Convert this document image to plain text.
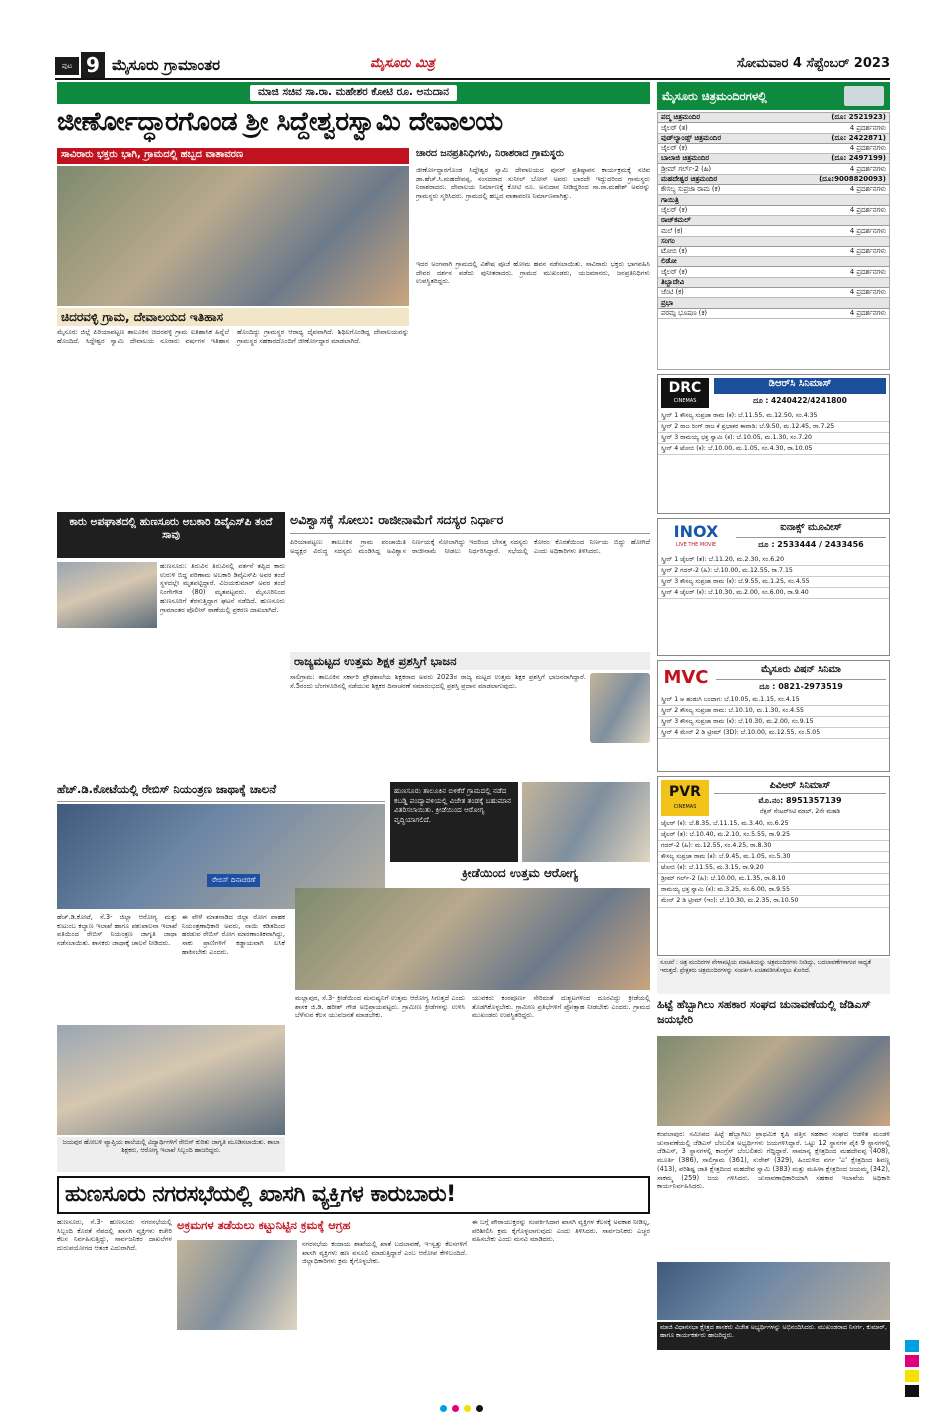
ಪುಟ 9 ಮೈಸೂರು ಗ್ರಾಮಾಂತರ	ಮೈಸೂರು ಮಿತ್ರ	ಸೋಮವಾರ 4 ಸೆಪ್ಟೆಂಬರ್ 2023
ಮಾಜಿ ಸಚಿವ ಸಾ.ರಾ. ಮಹೇಶರ ಕೋಟಿ ರೂ. ಅನುದಾನ
ಜೀರ್ಣೋದ್ಧಾರಗೊಂಡ ಶ್ರೀ ಸಿದ್ದೇಶ್ವರಸ್ವಾಮಿ ದೇವಾಲಯ
ಸಾವಿರಾರು ಭಕ್ತರು ಭಾಗಿ, ಗ್ರಾಮದಲ್ಲಿ ಹಬ್ಬದ ವಾತಾವರಣ	ಚಾರದ ಜನಪ್ರತಿನಿಧಿಗಳು, ನಿರಾಶರಾದ ಗ್ರಾಮಸ್ಥರು
ಜೀರ್ಣೋದ್ಧಾರಗೊಂಡ ಸಿದ್ದೇಶ್ವರ ಸ್ವಾಮಿ ದೇವಾಲಯದ ಪುನರ್ ಪ್ರತಿಷ್ಠಾಪನ ಕಾರ್ಯಕ್ರಮಕ್ಕೆ ಸಚಿವ ಡಾ.ಹೆಚ್.ಸಿ.ಮಹದೇವಪ್ಪ, ಸಂಸದರಾದ ಸುನೀಲ್ ಬೋಸ್ ಅವರು ಬಾರದೇ ಇದ್ದುದರಿಂದ ಗ್ರಾಮಸ್ಥರು ನಿರಾಶರಾದರು. ದೇವಾಲಯ ನಿರ್ಮಾಣಕ್ಕೆ ಕೋಟಿ ರೂ. ಅನುದಾನ ನೀಡಿದ್ದರಿಂದ ಸಾ.ರಾ.ಮಹೇಶ್ ಅವರನ್ನು ಗ್ರಾಮಸ್ಥರು ಸ್ಮರಿಸಿದರು. ಗ್ರಾಮದಲ್ಲಿ ಹಬ್ಬದ ವಾತಾವರಣ ನಿರ್ಮಾಣವಾಗಿತ್ತು.
ಇದರ ಅಂಗವಾಗಿ ಗ್ರಾಮದಲ್ಲಿ ವಿಶೇಷ ಪೂಜೆ ಹೋಮ ಹವನ ನಡೆಸಲಾಯಿತು. ಸಾವಿರಾರು ಭಕ್ತರು ಭಾಗವಹಿಸಿ ದೇವರ ದರ್ಶನ ಪಡೆದು ಪುನೀತರಾದರು. ಗ್ರಾಮದ ಮುಖಂಡರು, ಯಜಮಾನರು, ಜನಪ್ರತಿನಿಧಿಗಳು ಉಪಸ್ಥಿತರಿದ್ದರು.
ಚಿದರವಳ್ಳಿ ಗ್ರಾಮ, ದೇವಾಲಯದ ಇತಿಹಾಸ
ಮೈಸೂರು ಜಿಲ್ಲೆ ಪಿರಿಯಾಪಟ್ಟಣ ತಾಲೂಕಿನ ಚಿದರವಳ್ಳಿ ಗ್ರಾಮ ಐತಿಹಾಸಿಕ ಹಿನ್ನೆಲೆ ಹೊಂದಿದೆ. ಸಿದ್ದೇಶ್ವರ ಸ್ವಾಮಿ ದೇವಾಲಯ ನೂರಾರು ವರ್ಷಗಳ ಇತಿಹಾಸ ಹೊಂದಿದ್ದು ಗ್ರಾಮಸ್ಥರ ಆರಾಧ್ಯ ದೈವವಾಗಿದೆ. ಶಿಥಿಲಗೊಂಡಿದ್ದ ದೇವಾಲಯವನ್ನು ಗ್ರಾಮಸ್ಥರ ಸಹಕಾರದೊಂದಿಗೆ ಜೀರ್ಣೋದ್ಧಾರ ಮಾಡಲಾಗಿದೆ.
ಕಾರು ಅಪಘಾತದಲ್ಲಿ ಹುಣಸೂರು ಅಬಕಾರಿ ಡಿವೈಎಸ್‌ಪಿ ತಂದೆ ಸಾವು
ಹುಣಸೂರು: ತಿರುವಿನ ತಿರುವಿನಲ್ಲಿ ವರ್ತನೆ ತಪ್ಪಿದ ಕಾರು ಉರುಳಿ ಬಿದ್ದ ಪರಿಣಾಮ ಅಬಕಾರಿ ಡಿವೈಎಸ್‌ಪಿ ಅವರ ತಂದೆ ಸ್ಥಳದಲ್ಲೇ ಮೃತಪಟ್ಟಿದ್ದಾರೆ. ವಿಜಯಕುಮಾರ್ ಅವರ ತಂದೆ ನಿಂಗೇಗೌಡ (80) ಮೃತಪಟ್ಟವರು. ಮೈಸೂರಿನಿಂದ ಹುಣಸೂರಿಗೆ ತೆರಳುತ್ತಿದ್ದಾಗ ಘಟನೆ ನಡೆದಿದೆ. ಹುಣಸೂರು ಗ್ರಾಮಾಂತರ ಪೊಲೀಸ್ ಠಾಣೆಯಲ್ಲಿ ಪ್ರಕರಣ ದಾಖಲಾಗಿದೆ.
ಅವಿಶ್ವಾಸಕ್ಕೆ ಸೋಲು: ರಾಜೀನಾಮೆಗೆ ಸದಸ್ಯರ ನಿರ್ಧಾರ
ಪಿರಿಯಾಪಟ್ಟಣ: ತಾಲೂಕಿನ ಗ್ರಾಮ ಪಂಚಾಯಿತಿ ಅಧ್ಯಕ್ಷರ ವಿರುದ್ಧ ಸದಸ್ಯರು ಮಂಡಿಸಿದ್ದ ಅವಿಶ್ವಾಸ ನಿರ್ಣಯಕ್ಕೆ ಸೋಲಾಗಿದ್ದು ಇದರಿಂದ ಬೇಸತ್ತ ಸದಸ್ಯರು ರಾಜೀನಾಮೆ ನೀಡಲು ನಿರ್ಧರಿಸಿದ್ದಾರೆ. ಸಭೆಯಲ್ಲಿ ಕೋರಂ ಕೊರತೆಯಿಂದ ನಿರ್ಣಯ ಬಿದ್ದು ಹೋಗಿದೆ ಎಂದು ಅಧಿಕಾರಿಗಳು ತಿಳಿಸಿದರು.
ರಾಜ್ಯಮಟ್ಟದ ಉತ್ತಮ ಶಿಕ್ಷಕ ಪ್ರಶಸ್ತಿಗೆ ಭಾಜನ
ಸಾಲಿಗ್ರಾಮ: ತಾಲೂಕಿನ ಸರ್ಕಾರಿ ಪ್ರೌಢಶಾಲೆಯ ಶಿಕ್ಷಕರಾದ ಅವರು 2023ರ ರಾಜ್ಯ ಮಟ್ಟದ ಉತ್ತಮ ಶಿಕ್ಷಕ ಪ್ರಶಸ್ತಿಗೆ ಭಾಜನರಾಗಿದ್ದಾರೆ. ಸೆ.5ರಂದು ಬೆಂಗಳೂರಿನಲ್ಲಿ ನಡೆಯುವ ಶಿಕ್ಷಕರ ದಿನಾಚರಣೆ ಸಮಾರಂಭದಲ್ಲಿ ಪ್ರಶಸ್ತಿ ಪ್ರದಾನ ಮಾಡಲಾಗುವುದು.
ಹೆಚ್.ಡಿ.ಕೋಟೆಯಲ್ಲಿ ರೇಬಿಸ್ ನಿಯಂತ್ರಣ ಜಾಥಾಕ್ಕೆ ಚಾಲನೆ
ರೇಬಿಸ್ ದಿನಾಚರಣೆ
ಹೆಚ್.ಡಿ.ಕೋಟೆ, ಸೆ.3- ಜಿಲ್ಲಾ ಆರೋಗ್ಯ ಮತ್ತು ಕುಟುಂಬ ಕಲ್ಯಾಣ ಇಲಾಖೆ ಹಾಗೂ ಪಶುಪಾಲನಾ ಇಲಾಖೆ ವತಿಯಿಂದ ರೇಬಿಸ್ ನಿಯಂತ್ರಣ ಜಾಗೃತಿ ಜಾಥಾ ನಡೆಸಲಾಯಿತು. ಶಾಸಕರು ಜಾಥಾಕ್ಕೆ ಚಾಲನೆ ನೀಡಿದರು.
ಈ ವೇಳೆ ಮಾತನಾಡಿದ ಜಿಲ್ಲಾ ರೋಗ ವಾಹಕ ನಿಯಂತ್ರಣಾಧಿಕಾರಿ ಅವರು, ನಾಯಿ ಕಡಿತದಿಂದ ಹರಡುವ ರೇಬಿಸ್ ರೋಗ ಮಾರಣಾಂತಿಕವಾಗಿದ್ದು, ಸಾಕು ಪ್ರಾಣಿಗಳಿಗೆ ಕಡ್ಡಾಯವಾಗಿ ಲಸಿಕೆ ಹಾಕಿಸಬೇಕು ಎಂದರು.
ಜಯಪುರ ಹೋಬಳಿ ವ್ಯಾಪ್ತಿಯ ಶಾಲೆಯಲ್ಲಿ ವಿದ್ಯಾರ್ಥಿಗಳಿಗೆ ರೇಬಿಸ್ ಕುರಿತು ಜಾಗೃತಿ ಮೂಡಿಸಲಾಯಿತು. ಶಾಲಾ ಶಿಕ್ಷಕರು, ಆರೋಗ್ಯ ಇಲಾಖೆ ಸಿಬ್ಬಂದಿ ಹಾಜರಿದ್ದರು.
ಹುಣಸೂರು ತಾಲೂಕಿನ ಬಿಳಿಕೆರೆ ಗ್ರಾಮದಲ್ಲಿ ನಡೆದ ಕಬಡ್ಡಿ ಪಂದ್ಯಾವಳಿಯಲ್ಲಿ ವಿಜೇತ ತಂಡಕ್ಕೆ ಬಹುಮಾನ ವಿತರಿಸಲಾಯಿತು. ಕ್ರೀಡೆಯಿಂದ ಆರೋಗ್ಯ ವೃದ್ಧಿಯಾಗಲಿದೆ.
ಕ್ರೀಡೆಯಿಂದ ಉತ್ತಮ ಆರೋಗ್ಯ
ಮಲ್ಲಾಪುರ, ಸೆ.3- ಕ್ರೀಡೆಯಿಂದ ಮನುಷ್ಯನಿಗೆ ಉತ್ತಮ ಆರೋಗ್ಯ ಸಿಗುತ್ತದೆ ಎಂದು ಶಾಸಕ ಜಿ.ಡಿ. ಹರೀಶ್ ಗೌಡ ಅಭಿಪ್ರಾಯಪಟ್ಟರು. ಗ್ರಾಮೀಣ ಕ್ರೀಡೆಗಳನ್ನು ಉಳಿಸಿ ಬೆಳೆಸುವ ಕೆಲಸ ಯುವಜನತೆ ಮಾಡಬೇಕು.
ಯುವಕರು ಕಂಠಪೂರ್ಣ ಸೇರಿದಂತೆ ದುಶ್ಚಟಗಳಿಂದ ದೂರವಿದ್ದು ಕ್ರೀಡೆಯಲ್ಲಿ ತೊಡಗಿಕೊಳ್ಳಬೇಕು. ಗ್ರಾಮೀಣ ಪ್ರತಿಭೆಗಳಿಗೆ ಪ್ರೋತ್ಸಾಹ ನೀಡಬೇಕು ಎಂದರು. ಗ್ರಾಮದ ಮುಖಂಡರು ಉಪಸ್ಥಿತರಿದ್ದರು.
ಹುಣಸೂರು ನಗರಸಭೆಯಲ್ಲಿ ಖಾಸಗಿ ವ್ಯಕ್ತಿಗಳ ಕಾರುಬಾರು!
ಹುಣಸೂರು, ಸೆ.3- ಹುಣಸೂರು ನಗರಸಭೆಯಲ್ಲಿ ಸಿಬ್ಬಂದಿ ಕೊರತೆ ನೆಪದಲ್ಲಿ ಖಾಸಗಿ ವ್ಯಕ್ತಿಗಳು ಕಚೇರಿ ಕೆಲಸ ನಿರ್ವಹಿಸುತ್ತಿದ್ದು, ಸಾರ್ವಜನಿಕರ ದಾಖಲೆಗಳ ದುರುಪಯೋಗದ ಆತಂಕ ಎದುರಾಗಿದೆ.
ಅಕ್ರಮಗಳ ತಡೆಯಲು ಕಟ್ಟುನಿಟ್ಟಿನ ಕ್ರಮಕ್ಕೆ ಆಗ್ರಹ
ನಗರಸಭೆಯ ಕಂದಾಯ ಶಾಖೆಯಲ್ಲಿ ಖಾತೆ ಬದಲಾವಣೆ, ಇ-ಸ್ವತ್ತು ಕೆಲಸಗಳಿಗೆ ಖಾಸಗಿ ವ್ಯಕ್ತಿಗಳು ಹಣ ವಸೂಲಿ ಮಾಡುತ್ತಿದ್ದಾರೆ ಎಂಬ ಆರೋಪ ಕೇಳಿಬಂದಿದೆ. ಜಿಲ್ಲಾಧಿಕಾರಿಗಳು ಕ್ರಮ ಕೈಗೊಳ್ಳಬೇಕು.
ಈ ಬಗ್ಗೆ ಪೌರಾಯುಕ್ತರನ್ನು ಸಂಪರ್ಕಿಸಿದಾಗ ಖಾಸಗಿ ವ್ಯಕ್ತಿಗಳ ಕೆಲಸಕ್ಕೆ ಅವಕಾಶ ನೀಡಿಲ್ಲ, ಪರಿಶೀಲಿಸಿ ಕ್ರಮ ಕೈಗೊಳ್ಳಲಾಗುವುದು ಎಂದು ತಿಳಿಸಿದರು. ಸಾರ್ವಜನಿಕರು ಎಚ್ಚರ ವಹಿಸಬೇಕು ಎಂದು ಮನವಿ ಮಾಡಿದರು.
ಮೈಸೂರು ಚಿತ್ರಮಂದಿರಗಳಲ್ಲಿ
ಪದ್ಮ ಚಿತ್ರಮಂದಿರ	(ದೂ: 2521923)
ಜೈಲರ್ (ತ)	4 ಪ್ರದರ್ಶನಗಳು
ವುಡ್‌ಲ್ಯಾಂಡ್ಸ್ ಚಿತ್ರಮಂದಿರ	(ದೂ: 2422871)
ಜೈಲರ್ (ಕ)	4 ಪ್ರದರ್ಶನಗಳು
ಬಾಲಾಜಿ ಚಿತ್ರಮಂದಿರ	(ದೂ: 2497199)
ಡ್ರೀಮ್ ಗರ್ಲ್-2 (ಹಿ)	4 ಪ್ರದರ್ಶನಗಳು
ಮಹದೇಶ್ವರ ಚಿತ್ರಮಂದಿರ	(ದೂ:9008820093)
ಕೌಸಲ್ಯ ಸುಪ್ರಜಾ ರಾಮ (ಕ)	4 ಪ್ರದರ್ಶನಗಳು
ಗಾಯಿತ್ರಿ
ಜೈಲರ್ (ಕ)	4 ಪ್ರದರ್ಶನಗಳು
ರಾಜ್‌ಕಮಲ್
ಮಲೆ (ಕ)	4 ಪ್ರದರ್ಶನಗಳು
ಸಂಗಂ
ಟೋಬಿ (ಕ)	4 ಪ್ರದರ್ಶನಗಳು
ಲಿಡೋ
ಜೈಲರ್ (ಕ)	4 ಪ್ರದರ್ಶನಗಳು
ತಿಬ್ಬಾದೇವಿ
ಜೆಂಟಿ (ಕ)	4 ಪ್ರದರ್ಶನಗಳು
ಪ್ರಭಾ
ಪರಮ್ಪ ಭೂಷಣ (ಕ)	4 ಪ್ರದರ್ಶನಗಳು
DRC
CINEMAS
ಡಿಆರ್‌ಸಿ ಸಿನಿಮಾಸ್
ದೂ : 4240422/4241800
ಸ್ಕ್ರೀನ್ 1 ಕೌಸಲ್ಯ ಸುಪ್ರಜಾ ರಾಮ (ಕ): ಬೆ.11.55, ಮ.12.50, ಸಂ.4.35
ಸ್ಕ್ರೀನ್ 2 ರಾಜ ರಿಂಗ್ ರಾಜ ಕೆ ಪ್ರಭಾಕರ ಕಾವಾಡಿ: ಬೆ.9.50, ಮ.12.45, ರಾ.7.25
ಸ್ಕ್ರೀನ್ 3 ರಾಮಯ್ಯ ಭಕ್ತ ಸ್ವಾಮಿ (ಕ): ಬೆ.10.05, ಮ.1.30, ಸಂ.7.20
ಸ್ಕ್ರೀನ್ 4 ಟೋಬಿ (ಕ): ಬೆ.10.00, ಮ.1.05, ಸಂ.4.30, ರಾ.10.05
INOX
LIVE THE MOVIE
ಐನಾಕ್ಸ್ ಮೂವೀಸ್
ದೂ : 2533444 / 2433456
ಸ್ಕ್ರೀನ್ 1 ಜೈಲರ್ (ತ): ಬೆ.11.20, ಮ.2.30, ಸಂ.6.20
ಸ್ಕ್ರೀನ್ 2 ಗದರ್-2 (ಹಿ): ಬೆ.10.00, ಮ.12.55, ರಾ.7.15
ಸ್ಕ್ರೀನ್ 3 ಕೌಸಲ್ಯ ಸುಪ್ರಜಾ ರಾಮ (ಕ): ಬೆ.9.55, ಮ.1.25, ಸಂ.4.55
ಸ್ಕ್ರೀನ್ 4 ಜೈಲರ್ (ಕ): ಬೆ.10.30, ಮ.2.00, ಸಂ.6.00, ರಾ.9.40
MVC	ಮೈಸೂರು ವಿಷನ್ ಸಿನಿಮಾ
ದೂ : 0821-2973519
ಸ್ಕ್ರೀನ್ 1 ಆ ಹುಡುಗಿ ಬಂದಾಗ: ಬೆ.10.05, ಮ.1.15, ಸಂ.4.15
ಸ್ಕ್ರೀನ್ 2 ಕೌಸಲ್ಯ ಸುಪ್ರಜಾ ರಾಮ: ಬೆ.10.10, ಮ.1.30, ಸಂ.4.55
ಸ್ಕ್ರೀನ್ 3 ಕೌಸಲ್ಯ ಸುಪ್ರಜಾ ರಾಮ (ಕ): ಬೆ.10.30, ಮ.2.00, ಸಂ.9.15
ಸ್ಕ್ರೀನ್ 4 ಮೇನ್ 2 ಡಿ ಟ್ರೀಮ್ (3D): ಬೆ.10.00, ಮ.12.55, ಸಂ.5.05
PVR
CINEMAS
ಪಿವಿಆರ್ ಸಿನಿಮಾಸ್
ಮೊ.ನಂ: 8951357139
ನೆಕ್ಸಸ್ ಸೆಂಟರ್‌ಸಿಟಿ ಮಾಲ್, 2ನೇ ಮಹಡಿ
ಜೈಲರ್ (ಕ): ಬೆ.8.35, ಬೆ.11.15, ಮ.3.40, ಸಂ.6.25
ಜೈಲರ್ (ತ): ಬೆ.10.40, ಮ.2.10, ಸಂ.5.55, ರಾ.9.25
ಗದರ್-2 (ಹಿ): ಮ.12.55, ಸಂ.4.25, ರಾ.8.30
ಕೌಸಲ್ಯ ಸುಪ್ರಜಾ ರಾಮ (ಕ): ಬೆ.9.45, ಮ.1.05, ಸಂ.5.30
ಟೋಬಿ (ಕ): ಬೆ.11.55, ಮ.3.15, ರಾ.9.20
ಡ್ರೀಮ್ ಗರ್ಲ್-2 (ಹಿ): ಬೆ.10.00, ಮ.1.35, ರಾ.8.10
ರಾಮಯ್ಯ ಭಕ್ತ ಸ್ವಾಮಿ (ಕ): ಮ.3.25, ಸಂ.6.00, ರಾ.9.55
ಮೇನ್ 2 ಡಿ ಟ್ರೀಮ್ (ಇಂ): ಬೆ.10.30, ಮ.2.35, ರಾ.10.50
ಸೂಚನೆ : ಚಿತ್ರ ಮಂದಿರಗಳ ವೇಳಾಪಟ್ಟಿಯ ಮಾಹಿತಿಯನ್ನು ಚಿತ್ರಮಂದಿರಗಳು ನೀಡಿದ್ದು, ಬದಲಾವಣೆಗಳಾಗುವ ಸಾಧ್ಯತೆ ಇರುತ್ತದೆ. ಪ್ರೇಕ್ಷಕರು ಚಿತ್ರಮಂದಿರಗಳನ್ನು ಸಂಪರ್ಕಿಸಿ ಖಚಿತಪಡಿಸಿಕೊಳ್ಳಲು ಕೋರಿದೆ.
ಹಿಟ್ಟೆ ಹೆಬ್ಬಾಗಿಲು ಸಹಕಾರ ಸಂಘದ ಚುನಾವಣೆಯಲ್ಲಿ ಜೆಡಿಎಸ್ ಜಯಭೇರಿ
ಕಂಪಲಾಪುರ: ಸಮೀಪದ ಹಿಟ್ಟೆ ಹೆಬ್ಬಾಗಿಲು ಪ್ರಾಥಮಿಕ ಕೃಷಿ ಪತ್ತಿನ ಸಹಕಾರ ಸಂಘದ ಆಡಳಿತ ಮಂಡಳಿ ಚುನಾವಣೆಯಲ್ಲಿ ಜೆಡಿಎಸ್ ಬೆಂಬಲಿತ ಅಭ್ಯರ್ಥಿಗಳು ಜಯಗಳಿಸಿದ್ದಾರೆ. ಒಟ್ಟು 12 ಸ್ಥಾನಗಳ ಪೈಕಿ 9 ಸ್ಥಾನಗಳಲ್ಲಿ ಜೆಡಿಎಸ್, 3 ಸ್ಥಾನಗಳಲ್ಲಿ ಕಾಂಗ್ರೆಸ್ ಬೆಂಬಲಿತರು ಗೆದ್ದಿದ್ದಾರೆ. ಸಾಮಾನ್ಯ ಕ್ಷೇತ್ರದಿಂದ ಮಹದೇವಪ್ಪ (408), ಮೂರ್ತಿ (386), ಸಾಲಿಗ್ರಾಮ (361), ಸುರೇಶ್ (329), ಹಿಂದುಳಿದ ವರ್ಗ 'ಎ' ಕ್ಷೇತ್ರದಿಂದ ಶಿವಣ್ಣ (413), ಪರಿಶಿಷ್ಟ ಜಾತಿ ಕ್ಷೇತ್ರದಿಂದ ಮಹದೇವ ಸ್ವಾಮಿ (383) ಮತ್ತು ಮಹಿಳಾ ಕ್ಷೇತ್ರದಿಂದ ಜಯಮ್ಮ (342), ಸಾಕಮ್ಮ (259) ಜಯ ಗಳಿಸಿದರು. ಚುನಾವಣಾಧಿಕಾರಿಯಾಗಿ ಸಹಕಾರ ಇಲಾಖೆಯ ಅಧಿಕಾರಿ ಕಾರ್ಯನಿರ್ವಹಿಸಿದರು.
ಮಾಜಿ ವಿಧಾನಸಭಾ ಕ್ಷೇತ್ರದ ಶಾಸಕರು ವಿಜೇತ ಅಭ್ಯರ್ಥಿಗಳನ್ನು ಅಭಿನಂದಿಸಿದರು. ಮುಖಂಡರಾದ ನಿಸರ್ಗ, ಕುಮಾರ್, ಹಾಗೂ ಕಾರ್ಯಕರ್ತರು ಹಾಜರಿದ್ದರು.
